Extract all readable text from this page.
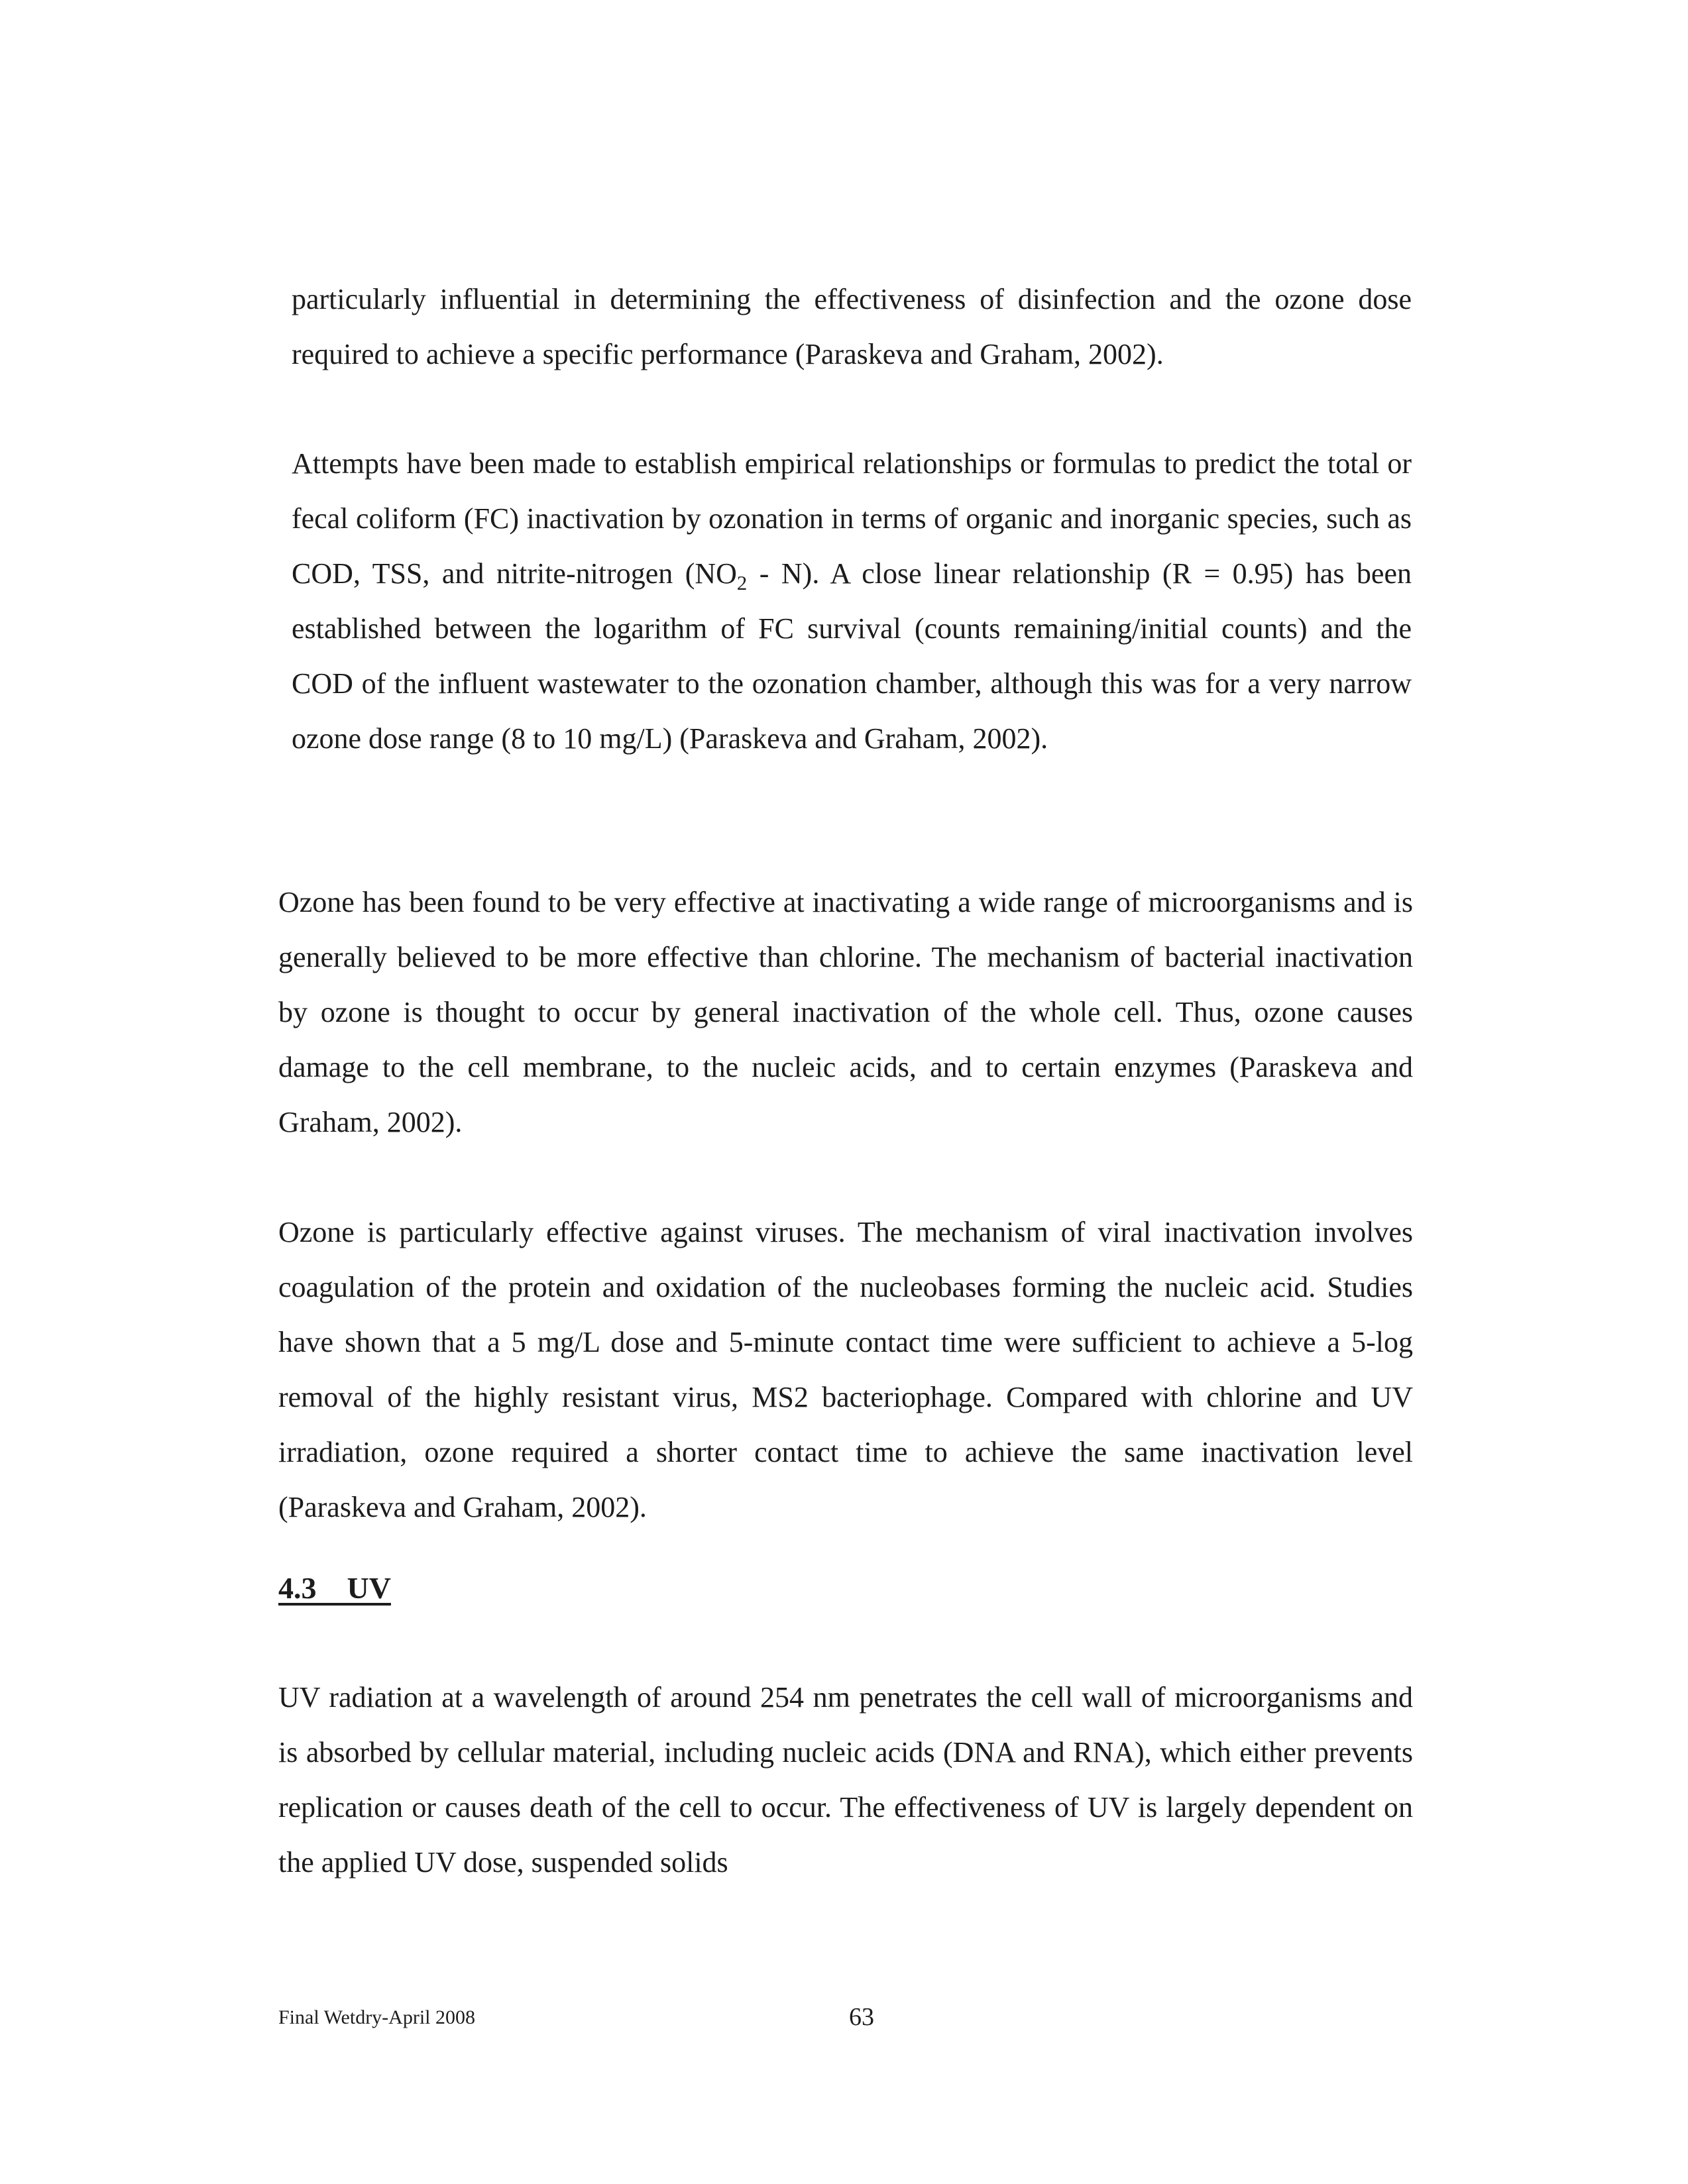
particularly influential in determining the effectiveness of disinfection and the ozone dose required to achieve a specific performance (Paraskeva and Graham, 2002).

Attempts have been made to establish empirical relationships or formulas to predict the total or fecal coliform (FC) inactivation by ozonation in terms of organic and inorganic species, such as COD, TSS, and nitrite-nitrogen $(NO_2 - N)$. A close linear relationship (R = 0.95) has been established between the logarithm of FC survival (counts remaining/initial counts) and the COD of the influent wastewater to the ozonation chamber, although this was for a very narrow ozone dose range (8 to 10 mg/L) (Paraskeva and Graham, 2002).

Ozone has been found to be very effective at inactivating a wide range of microorganisms and is generally believed to be more effective than chlorine. The mechanism of bacterial inactivation by ozone is thought to occur by general inactivation of the whole cell. Thus, ozone causes damage to the cell membrane, to the nucleic acids, and to certain enzymes (Paraskeva and Graham, 2002).

Ozone is particularly effective against viruses. The mechanism of viral inactivation involves coagulation of the protein and oxidation of the nucleobases forming the nucleic acid. Studies have shown that a 5 mg/L dose and 5-minute contact time were sufficient to achieve a 5-log removal of the highly resistant virus, MS2 bacteriophage. Compared with chlorine and UV irradiation, ozone required a shorter contact time to achieve the same inactivation level (Paraskeva and Graham, 2002).

4.3    UV

UV radiation at a wavelength of around 254 nm penetrates the cell wall of microorganisms and is absorbed by cellular material, including nucleic acids (DNA and RNA), which either prevents replication or causes death of the cell to occur. The effectiveness of UV is largely dependent on the applied UV dose, suspended solids

Final Wetdry-April 2008	63
